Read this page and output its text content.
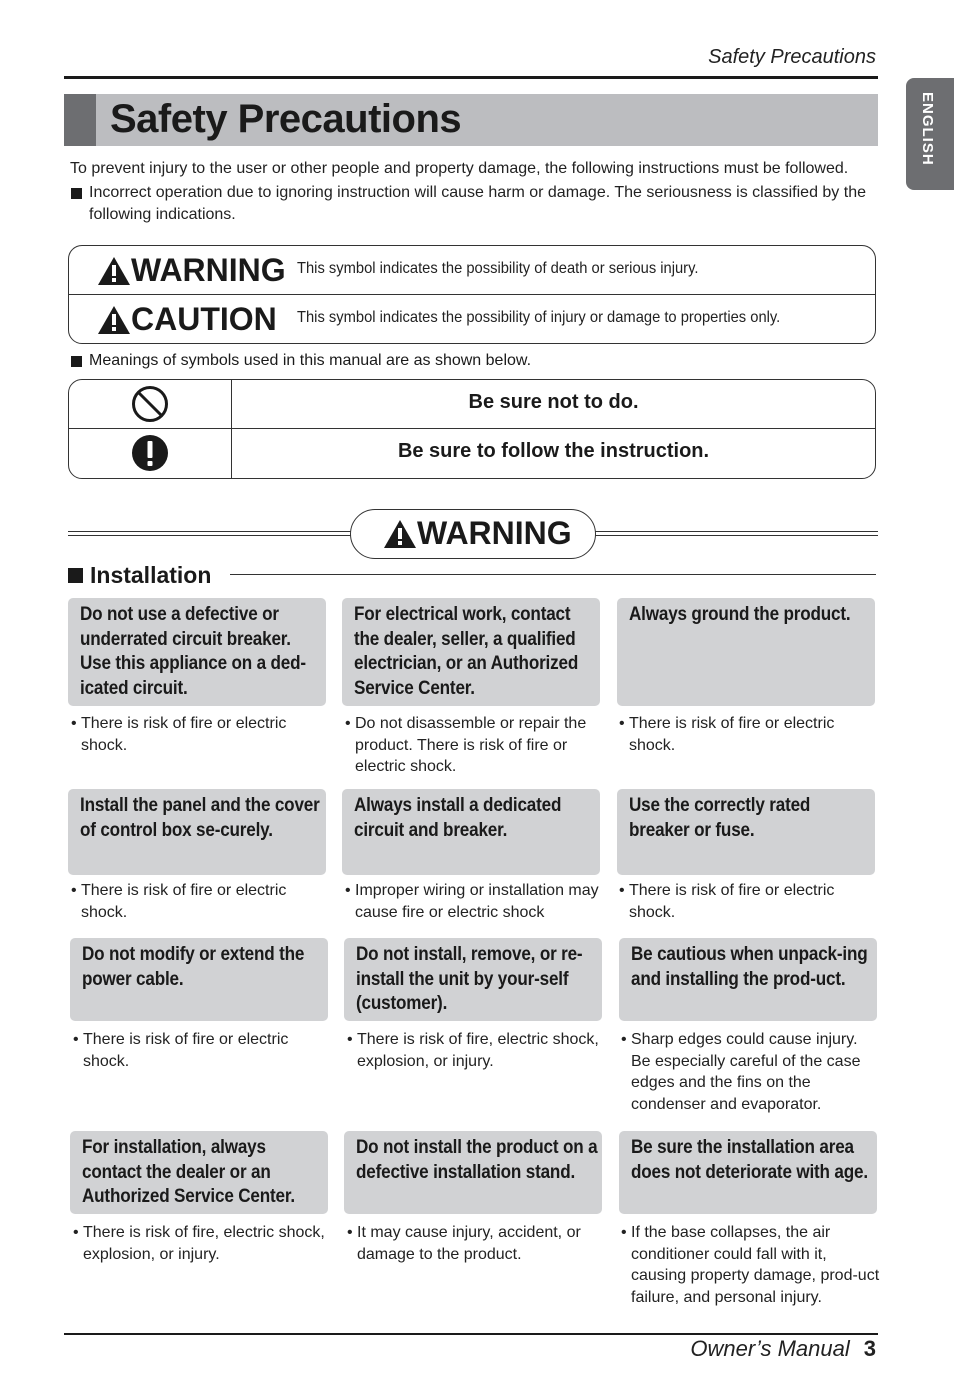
Safety Precautions
ENGLISH
Safety Precautions
To prevent injury to the user or other people and property damage, the following instructions must be followed.
Incorrect operation due to ignoring instruction will cause harm or damage. The seriousness is classified by the following indications.
WARNING This symbol indicates the possibility of death or serious injury.
CAUTION This symbol indicates the possibility of injury or damage to properties only.
Meanings of symbols used in this manual are as shown below.
Be sure not to do.
Be sure to follow the instruction.
WARNING
Installation
Do not use a defective or underrated circuit breaker. Use this appliance on a ded-icated circuit.
• There is risk of fire or electric shock.
For electrical work, contact the dealer, seller, a qualified electrician, or an Authorized Service Center.
• Do not disassemble or repair the product. There is risk of fire or electric shock.
Always ground the product.
• There is risk of fire or electric shock.
Install the panel and the cover of control box se-curely.
• There is risk of fire or electric shock.
Always install a dedicated circuit and breaker.
• Improper wiring or installation may cause fire or electric shock
Use the correctly rated breaker or fuse.
• There is risk of fire or electric shock.
Do not modify or extend the power cable.
• There is risk of fire or electric shock.
Do not install, remove, or re-install the unit by your-self (customer).
• There is risk of fire, electric shock, explosion, or injury.
Be cautious when unpack-ing and installing the prod-uct.
• Sharp edges could cause injury. Be especially careful of the case edges and the fins on the condenser and evaporator.
For installation, always contact the dealer or an Authorized Service Center.
• There is risk of fire, electric shock, explosion, or injury.
Do not install the product on a defective installation stand.
• It may cause injury, accident, or damage to the product.
Be sure the installation area does not deteriorate with age.
• If the base collapses, the air conditioner could fall with it, causing property damage, prod-uct failure, and personal injury.
Owner’s Manual 3
